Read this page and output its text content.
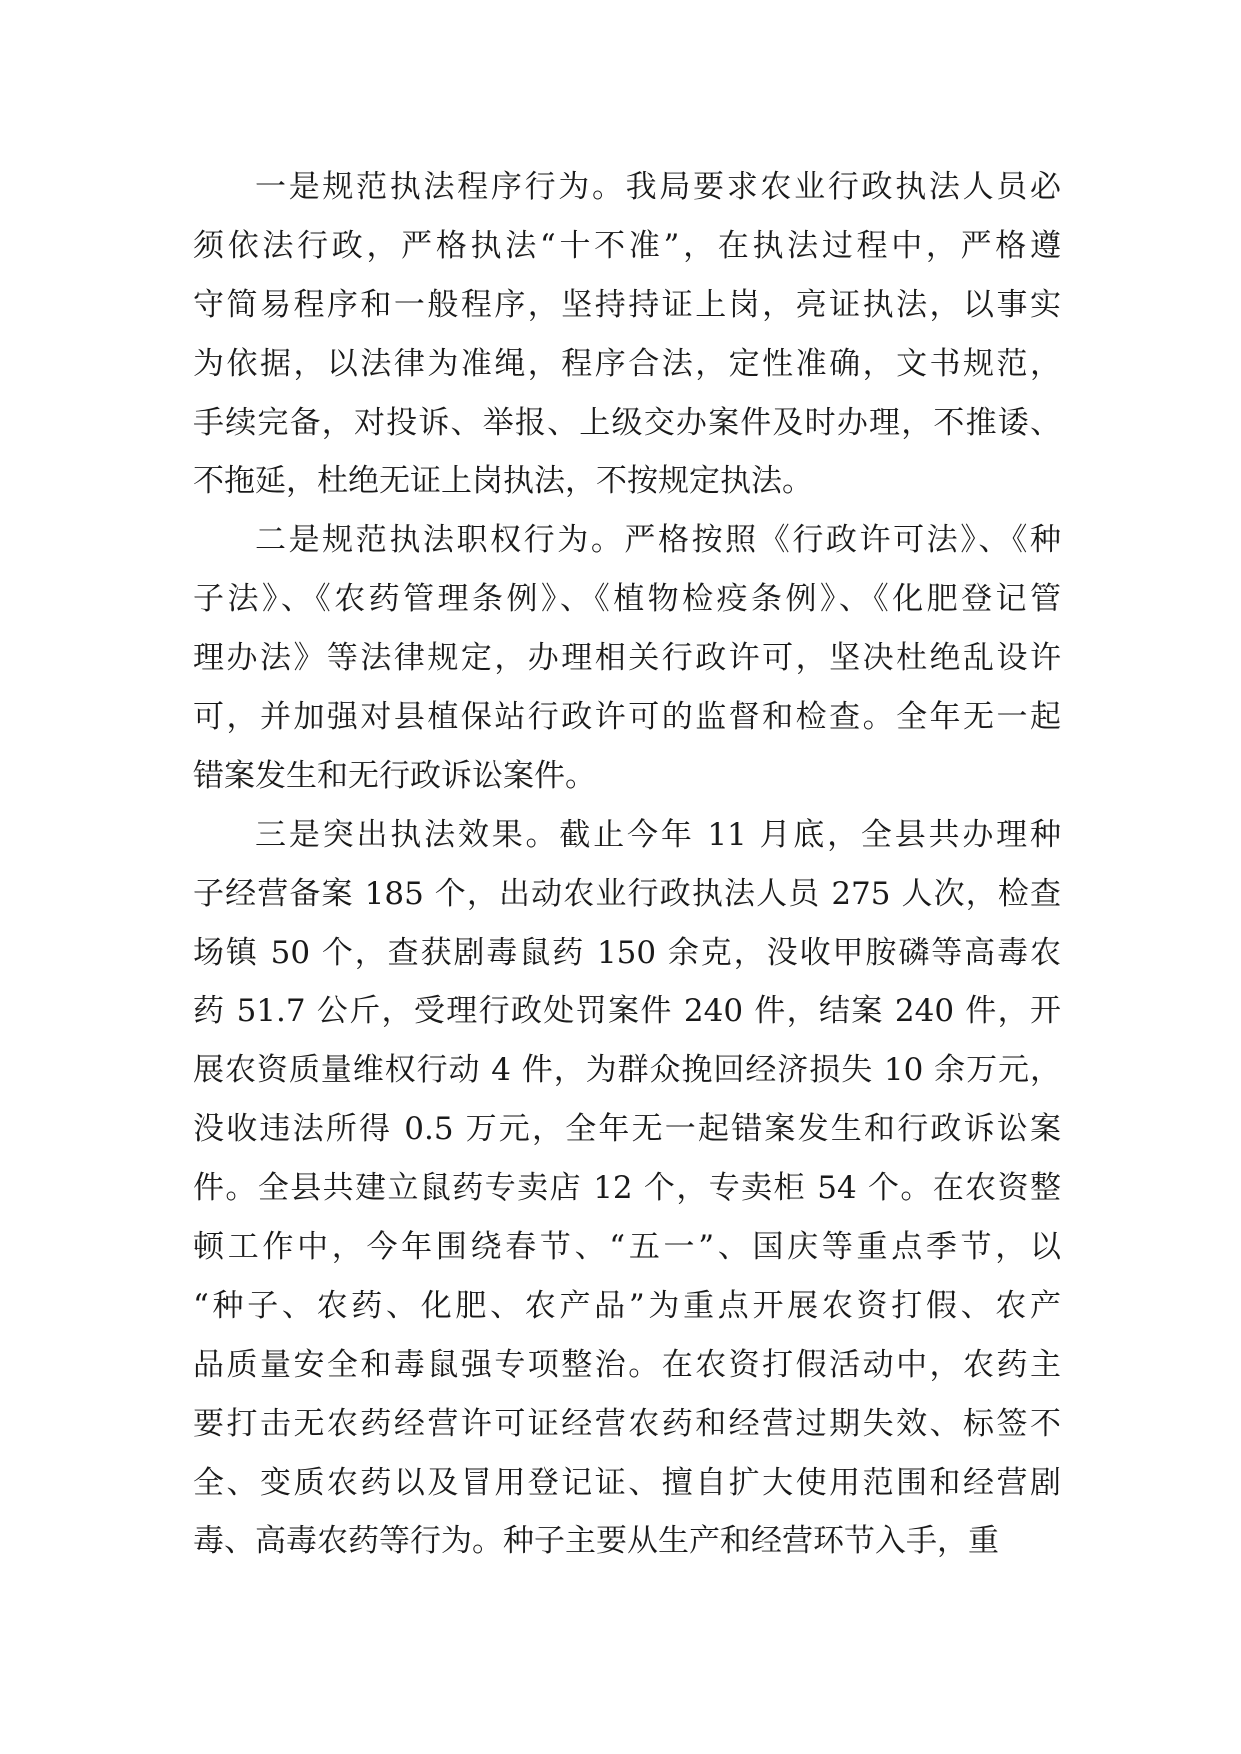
一是规范执法程序行为。我局要求农业行政执法人员必
须依法行政，严格执法“十不准”，在执法过程中，严格遵
守简易程序和一般程序，坚持持证上岗，亮证执法，以事实
为依据，以法律为准绳，程序合法，定性准确，文书规范，
手续完备，对投诉、举报、上级交办案件及时办理，不推诿、
不拖延，杜绝无证上岗执法，不按规定执法。
二是规范执法职权行为。严格按照《行政许可法》、《种
子法》、《农药管理条例》、《植物检疫条例》、《化肥登记管
理办法》等法律规定，办理相关行政许可，坚决杜绝乱设许
可，并加强对县植保站行政许可的监督和检查。全年无一起
错案发生和无行政诉讼案件。
三是突出执法效果。截止今年 11 月底，全县共办理种
子经营备案 185 个，出动农业行政执法人员 275 人次，检查
场镇 50 个，查获剧毒鼠药 150 余克，没收甲胺磷等高毒农
药 51.7 公斤，受理行政处罚案件 240 件，结案 240 件，开
展农资质量维权行动 4 件，为群众挽回经济损失 10 余万元，
没收违法所得 0.5 万元，全年无一起错案发生和行政诉讼案
件。全县共建立鼠药专卖店 12 个，专卖柜 54 个。在农资整
顿工作中，今年围绕春节、“五一”、国庆等重点季节，以
“种子、农药、化肥、农产品”为重点开展农资打假、农产
品质量安全和毒鼠强专项整治。在农资打假活动中，农药主
要打击无农药经营许可证经营农药和经营过期失效、标签不
全、变质农药以及冒用登记证、擅自扩大使用范围和经营剧
毒、高毒农药等行为。种子主要从生产和经营环节入手，重
